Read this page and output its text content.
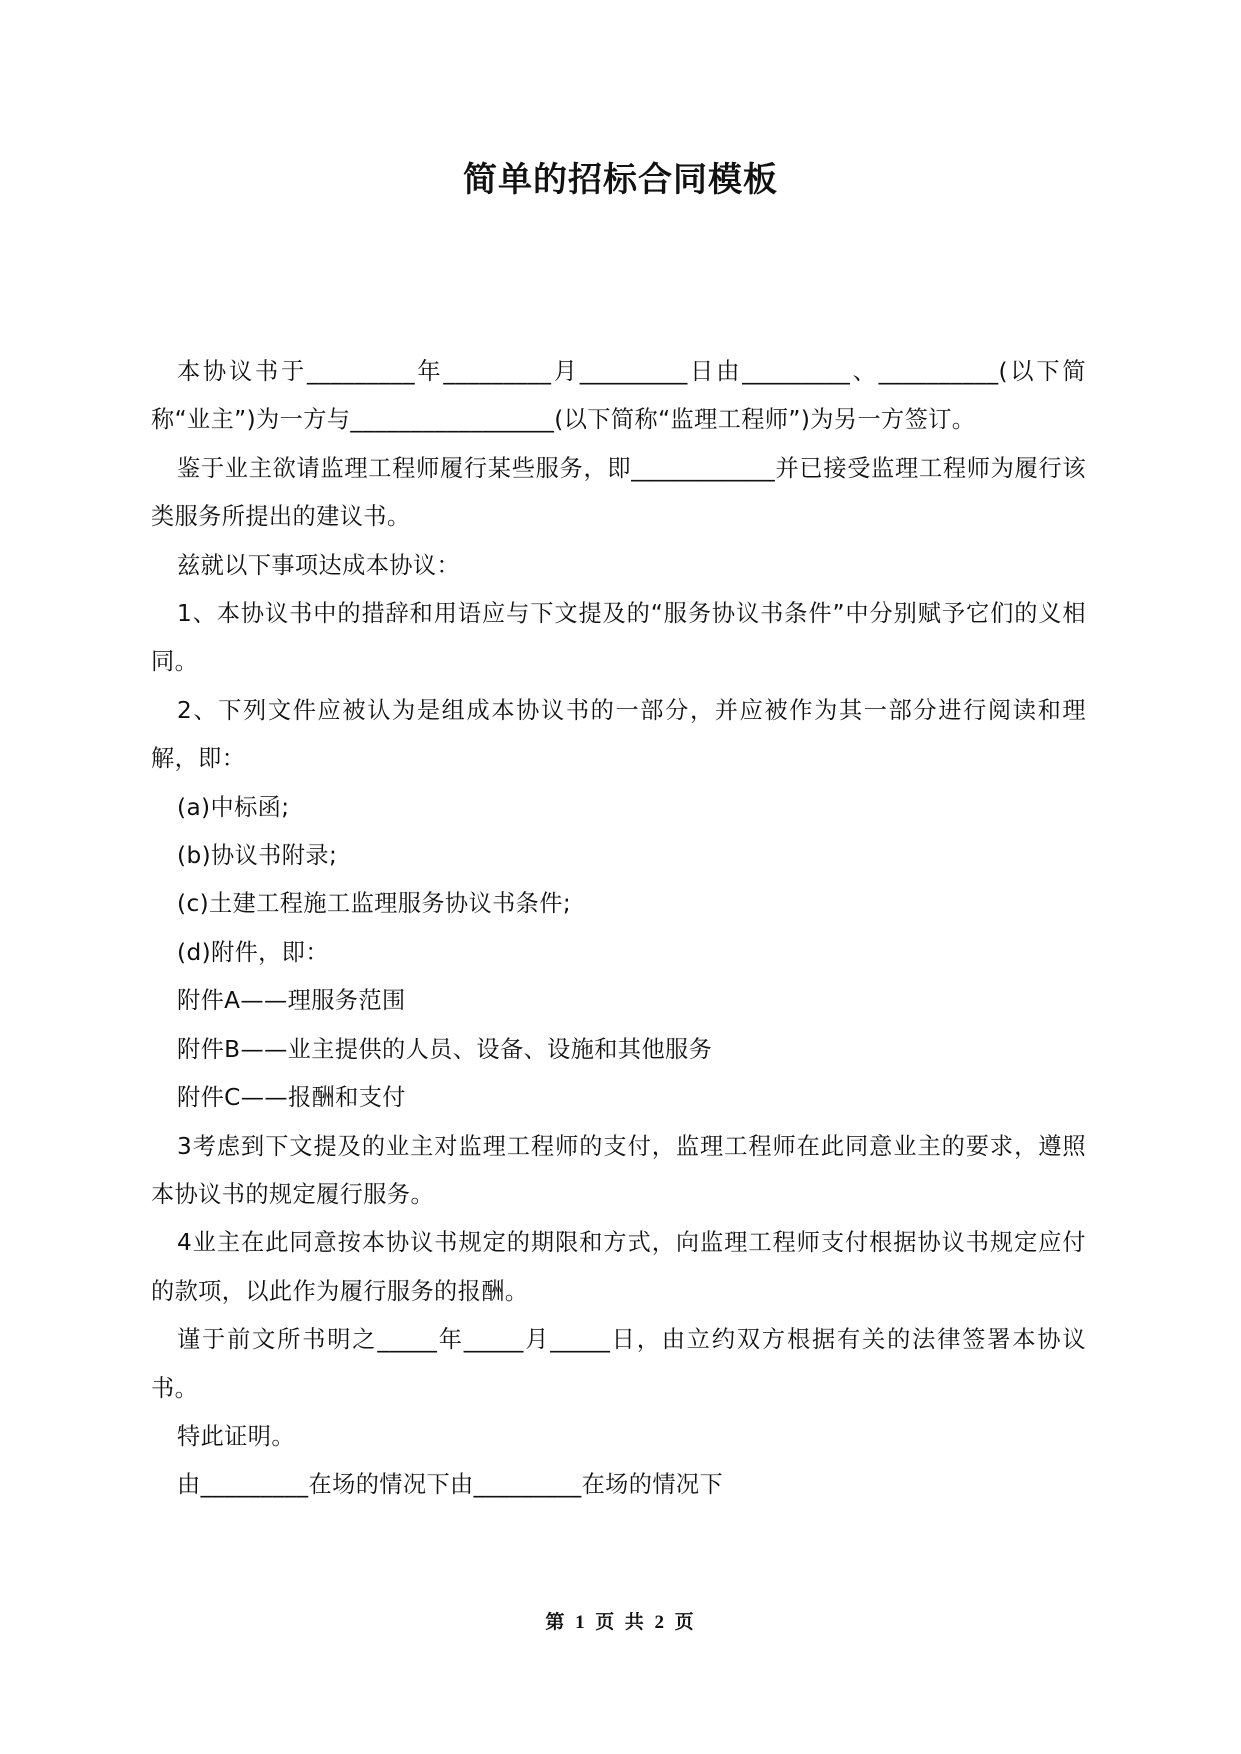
简单的招标合同模板

本协议书于_________年_________月_________日由_________、__________(以下简称“业主”)为一方与_________________(以下简称“监理工程师”)为另一方签订。

鉴于业主欲请监理工程师履行某些服务，即____________并已接受监理工程师为履行该类服务所提出的建议书。

兹就以下事项达成本协议：

1、本协议书中的措辞和用语应与下文提及的“服务协议书条件”中分别赋予它们的义相同。

2、下列文件应被认为是组成本协议书的一部分，并应被作为其一部分进行阅读和理解，即：

(a)中标函;

(b)协议书附录;

(c)土建工程施工监理服务协议书条件;

(d)附件，即：

附件A——理服务范围

附件B——业主提供的人员、设备、设施和其他服务

附件C——报酬和支付

3考虑到下文提及的业主对监理工程师的支付，监理工程师在此同意业主的要求，遵照本协议书的规定履行服务。

4业主在此同意按本协议书规定的期限和方式，向监理工程师支付根据协议书规定应付的款项，以此作为履行服务的报酬。

谨于前文所书明之_____年_____月_____日，由立约双方根据有关的法律签署本协议书。

特此证明。

由_________在场的情况下由_________在场的情况下

第 1 页 共 2 页
